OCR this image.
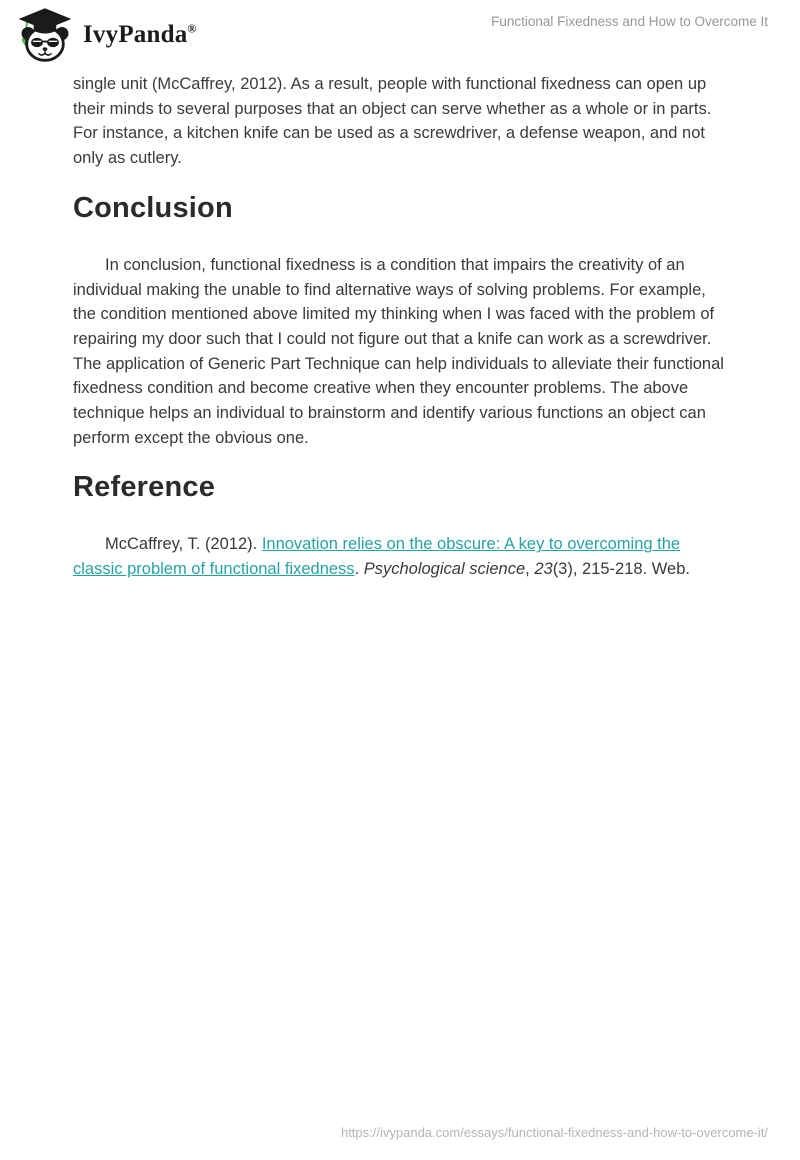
IvyPanda®	Functional Fixedness and How to Overcome It

single unit (McCaffrey, 2012). As a result, people with functional fixedness can open up their minds to several purposes that an object can serve whether as a whole or in parts. For instance, a kitchen knife can be used as a screwdriver, a defense weapon, and not only as cutlery.

Conclusion

In conclusion, functional fixedness is a condition that impairs the creativity of an individual making the unable to find alternative ways of solving problems. For example, the condition mentioned above limited my thinking when I was faced with the problem of repairing my door such that I could not figure out that a knife can work as a screwdriver. The application of Generic Part Technique can help individuals to alleviate their functional fixedness condition and become creative when they encounter problems. The above technique helps an individual to brainstorm and identify various functions an object can perform except the obvious one.

Reference

McCaffrey, T. (2012). Innovation relies on the obscure: A key to overcoming the classic problem of functional fixedness. Psychological science, 23(3), 215-218. Web.

https://ivypanda.com/essays/functional-fixedness-and-how-to-overcome-it/
